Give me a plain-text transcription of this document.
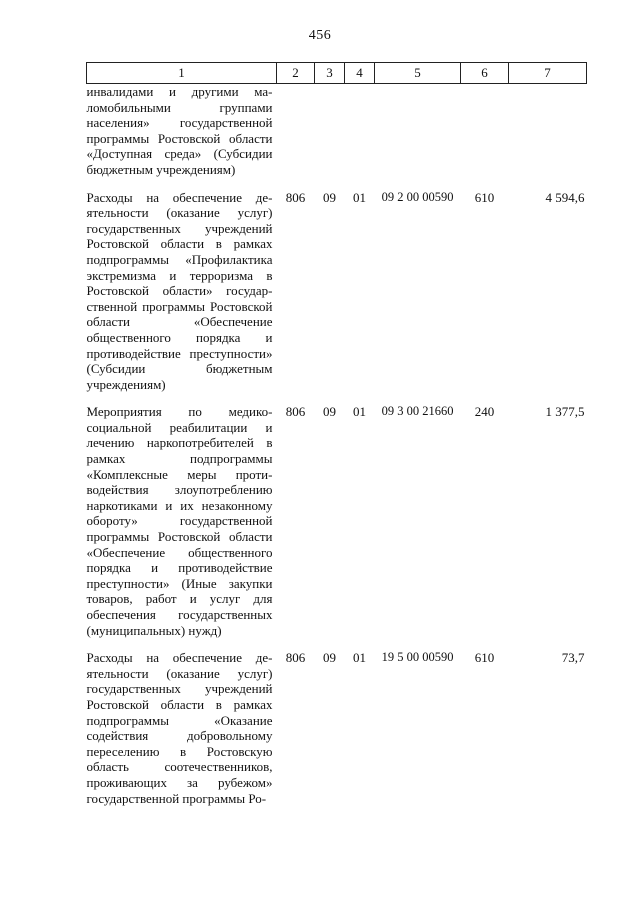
456
1	2	3	4	5	6	7
инвалидами и другими маломобильными группами населения» государственной программы Ростовской области «Доступная среда» (Субсидии бюджетным учреждениям)						
Расходы на обеспечение деятельности (оказание услуг) государственных учреждений Ростовской области в рамках подпрограммы «Профилактика экстремизма и терроризма в Ростовской области» государственной программы Ростовской области «Обеспечение общественного порядка и противодействие преступности» (Субсидии бюджетным учреждениям)	806	09	01	09 2 00 00590	610	4 594,6
Мероприятия по медико-социальной реабилитации и лечению наркопотребителей в рамках подпрограммы «Комплексные меры противодействия злоупотреблению наркотиками и их незаконному обороту» государственной программы Ростовской области «Обеспечение общественного порядка и противодействие преступности» (Иные закупки товаров, работ и услуг для обеспечения государственных (муниципальных) нужд)	806	09	01	09 3 00 21660	240	1 377,5
Расходы на обеспечение деятельности (оказание услуг) государственных учреждений Ростовской области в рамках подпрограммы «Оказание содействия добровольному переселению в Ростовскую область соотечественников, проживающих за рубежом» государственной программы Ро-	806	09	01	19 5 00 00590	610	73,7
